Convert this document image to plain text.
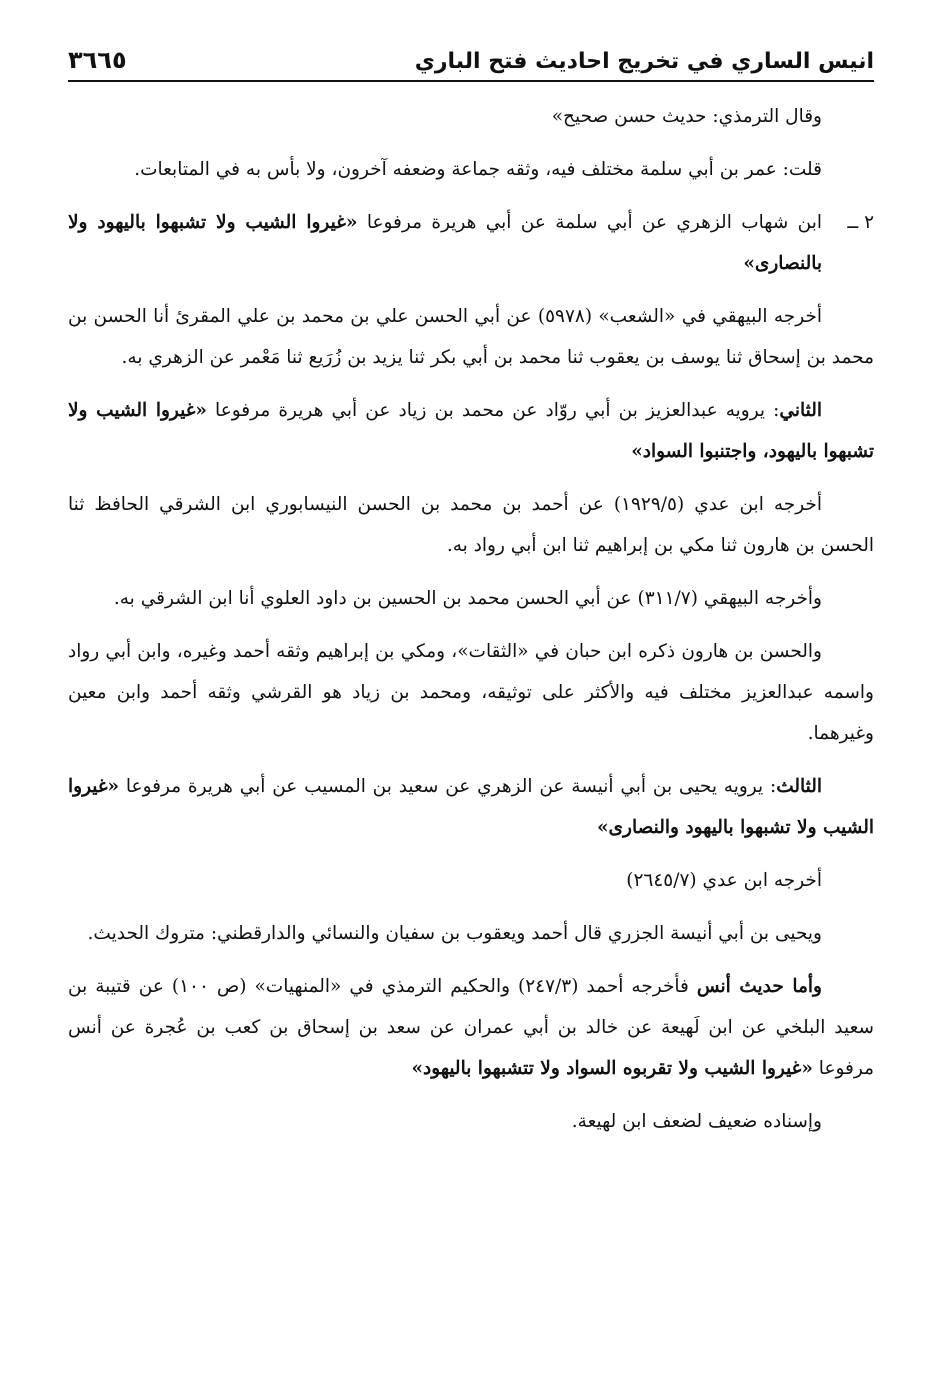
انيس الساري في تخريج احاديث فتح الباري
٣٦٦٥

وقال الترمذي: حديث حسن صحيح»

قلت: عمر بن أبي سلمة مختلف فيه، وثقه جماعة وضعفه آخرون، ولا بأس به في المتابعات.

٢ ــ
ابن شهاب الزهري عن أبي سلمة عن أبي هريرة مرفوعا «غيروا الشيب ولا تشبهوا باليهود ولا بالنصارى»

أخرجه البيهقي في «الشعب» (٥٩٧٨) عن أبي الحسن علي بن محمد بن علي المقرئ أنا الحسن بن محمد بن إسحاق ثنا يوسف بن يعقوب ثنا محمد بن أبي بكر ثنا يزيد بن زُرَيع ثنا مَعْمر عن الزهري به.

الثاني: يرويه عبدالعزيز بن أبي روّاد عن محمد بن زياد عن أبي هريرة مرفوعا «غيروا الشيب ولا تشبهوا باليهود، واجتنبوا السواد»

أخرجه ابن عدي (١٩٢٩/٥) عن أحمد بن محمد بن الحسن النيسابوري ابن الشرقي الحافظ ثنا الحسن بن هارون ثنا مكي بن إبراهيم ثنا ابن أبي رواد به.

وأخرجه البيهقي (٣١١/٧) عن أبي الحسن محمد بن الحسين بن داود العلوي أنا ابن الشرقي به.

والحسن بن هارون ذكره ابن حبان في «الثقات»، ومكي بن إبراهيم وثقه أحمد وغيره، وابن أبي رواد واسمه عبدالعزيز مختلف فيه والأكثر على توثيقه، ومحمد بن زياد هو القرشي وثقه أحمد وابن معين وغيرهما.

الثالث: يرويه يحيى بن أبي أنيسة عن الزهري عن سعيد بن المسيب عن أبي هريرة مرفوعا «غيروا الشيب ولا تشبهوا باليهود والنصارى»

أخرجه ابن عدي (٢٦٤٥/٧)

ويحيى بن أبي أنيسة الجزري قال أحمد ويعقوب بن سفيان والنسائي والدارقطني: متروك الحديث.

وأما حديث أنس فأخرجه أحمد (٢٤٧/٣) والحكيم الترمذي في «المنهيات» (ص ١٠٠) عن قتيبة بن سعيد البلخي عن ابن لَهيعة عن خالد بن أبي عمران عن سعد بن إسحاق بن كعب بن عُجرة عن أنس مرفوعا «غيروا الشيب ولا تقربوه السواد ولا تتشبهوا باليهود»

وإسناده ضعيف لضعف ابن لهيعة.
